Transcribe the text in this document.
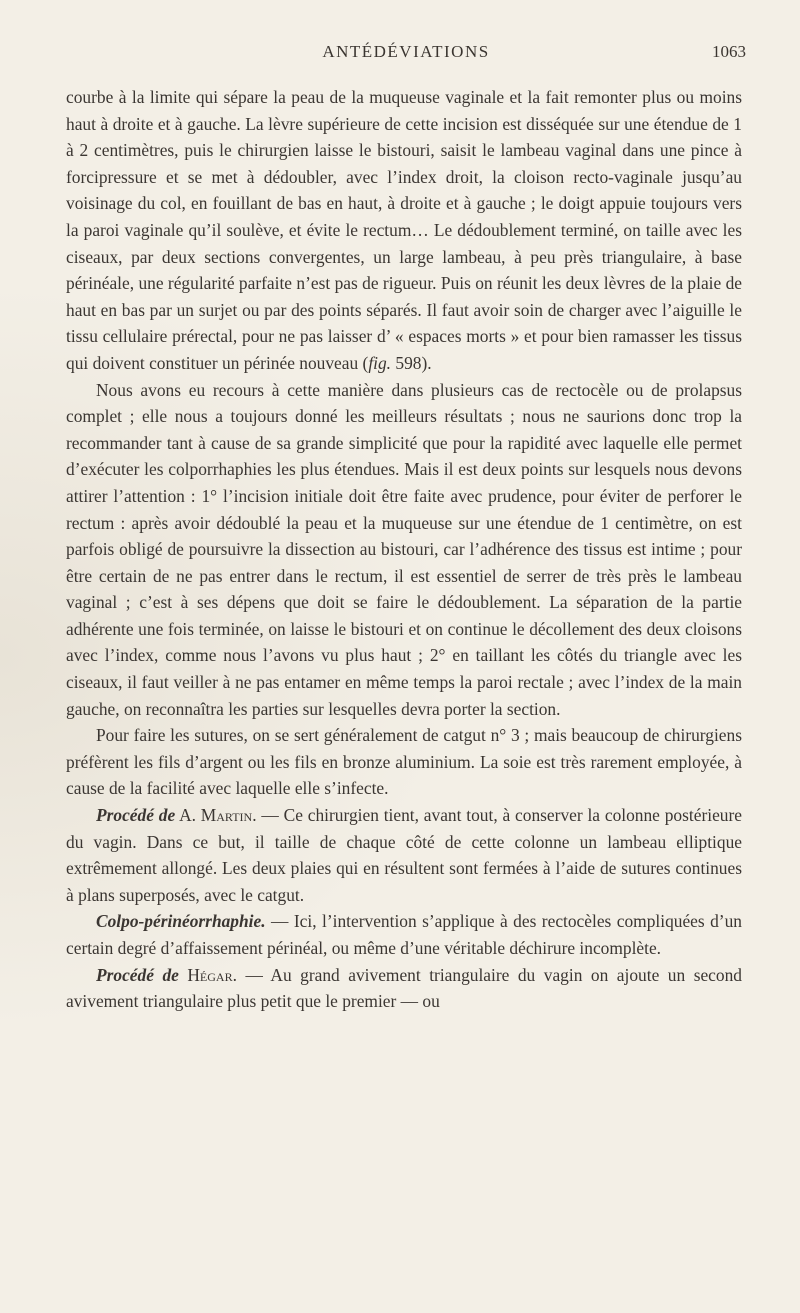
ANTÉDÉVIATIONS	1063

courbe à la limite qui sépare la peau de la muqueuse vaginale et la fait remonter plus ou moins haut à droite et à gauche. La lèvre supérieure de cette incision est disséquée sur une étendue de 1 à 2 centimètres, puis le chirurgien laisse le bistouri, saisit le lambeau vaginal dans une pince à forcipressure et se met à dédoubler, avec l’index droit, la cloison recto-vaginale jusqu’au voisinage du col, en fouillant de bas en haut, à droite et à gauche ; le doigt appuie toujours vers la paroi vaginale qu’il soulève, et évite le rectum… Le dédoublement terminé, on taille avec les ciseaux, par deux sections convergentes, un large lambeau, à peu près triangulaire, à base périnéale, une régularité parfaite n’est pas de rigueur. Puis on réunit les deux lèvres de la plaie de haut en bas par un surjet ou par des points séparés. Il faut avoir soin de charger avec l’aiguille le tissu cellulaire prérectal, pour ne pas laisser d’ « espaces morts » et pour bien ramasser les tissus qui doivent constituer un périnée nouveau (fig. 598).

Nous avons eu recours à cette manière dans plusieurs cas de rectocèle ou de prolapsus complet ; elle nous a toujours donné les meilleurs résultats ; nous ne saurions donc trop la recommander tant à cause de sa grande simplicité que pour la rapidité avec laquelle elle permet d’exécuter les colporrhaphies les plus étendues. Mais il est deux points sur lesquels nous devons attirer l’attention : 1° l’incision initiale doit être faite avec prudence, pour éviter de perforer le rectum : après avoir dédoublé la peau et la muqueuse sur une étendue de 1 centimètre, on est parfois obligé de poursuivre la dissection au bistouri, car l’adhérence des tissus est intime ; pour être certain de ne pas entrer dans le rectum, il est essentiel de serrer de très près le lambeau vaginal ; c’est à ses dépens que doit se faire le dédoublement. La séparation de la partie adhérente une fois terminée, on laisse le bistouri et on continue le décollement des deux cloisons avec l’index, comme nous l’avons vu plus haut ; 2° en taillant les côtés du triangle avec les ciseaux, il faut veiller à ne pas entamer en même temps la paroi rectale ; avec l’index de la main gauche, on reconnaîtra les parties sur lesquelles devra porter la section.

Pour faire les sutures, on se sert généralement de catgut n° 3 ; mais beaucoup de chirurgiens préfèrent les fils d’argent ou les fils en bronze aluminium. La soie est très rarement employée, à cause de la facilité avec laquelle elle s’infecte.

Procédé de A. Martin. — Ce chirurgien tient, avant tout, à conserver la colonne postérieure du vagin. Dans ce but, il taille de chaque côté de cette colonne un lambeau elliptique extrêmement allongé. Les deux plaies qui en résultent sont fermées à l’aide de sutures continues à plans superposés, avec le catgut.

Colpo-périnéorrhaphie. — Ici, l’intervention s’applique à des rectocèles compliquées d’un certain degré d’affaissement périnéal, ou même d’une véritable déchirure incomplète.

Procédé de Hégar. — Au grand avivement triangulaire du vagin on ajoute un second avivement triangulaire plus petit que le premier — ou
